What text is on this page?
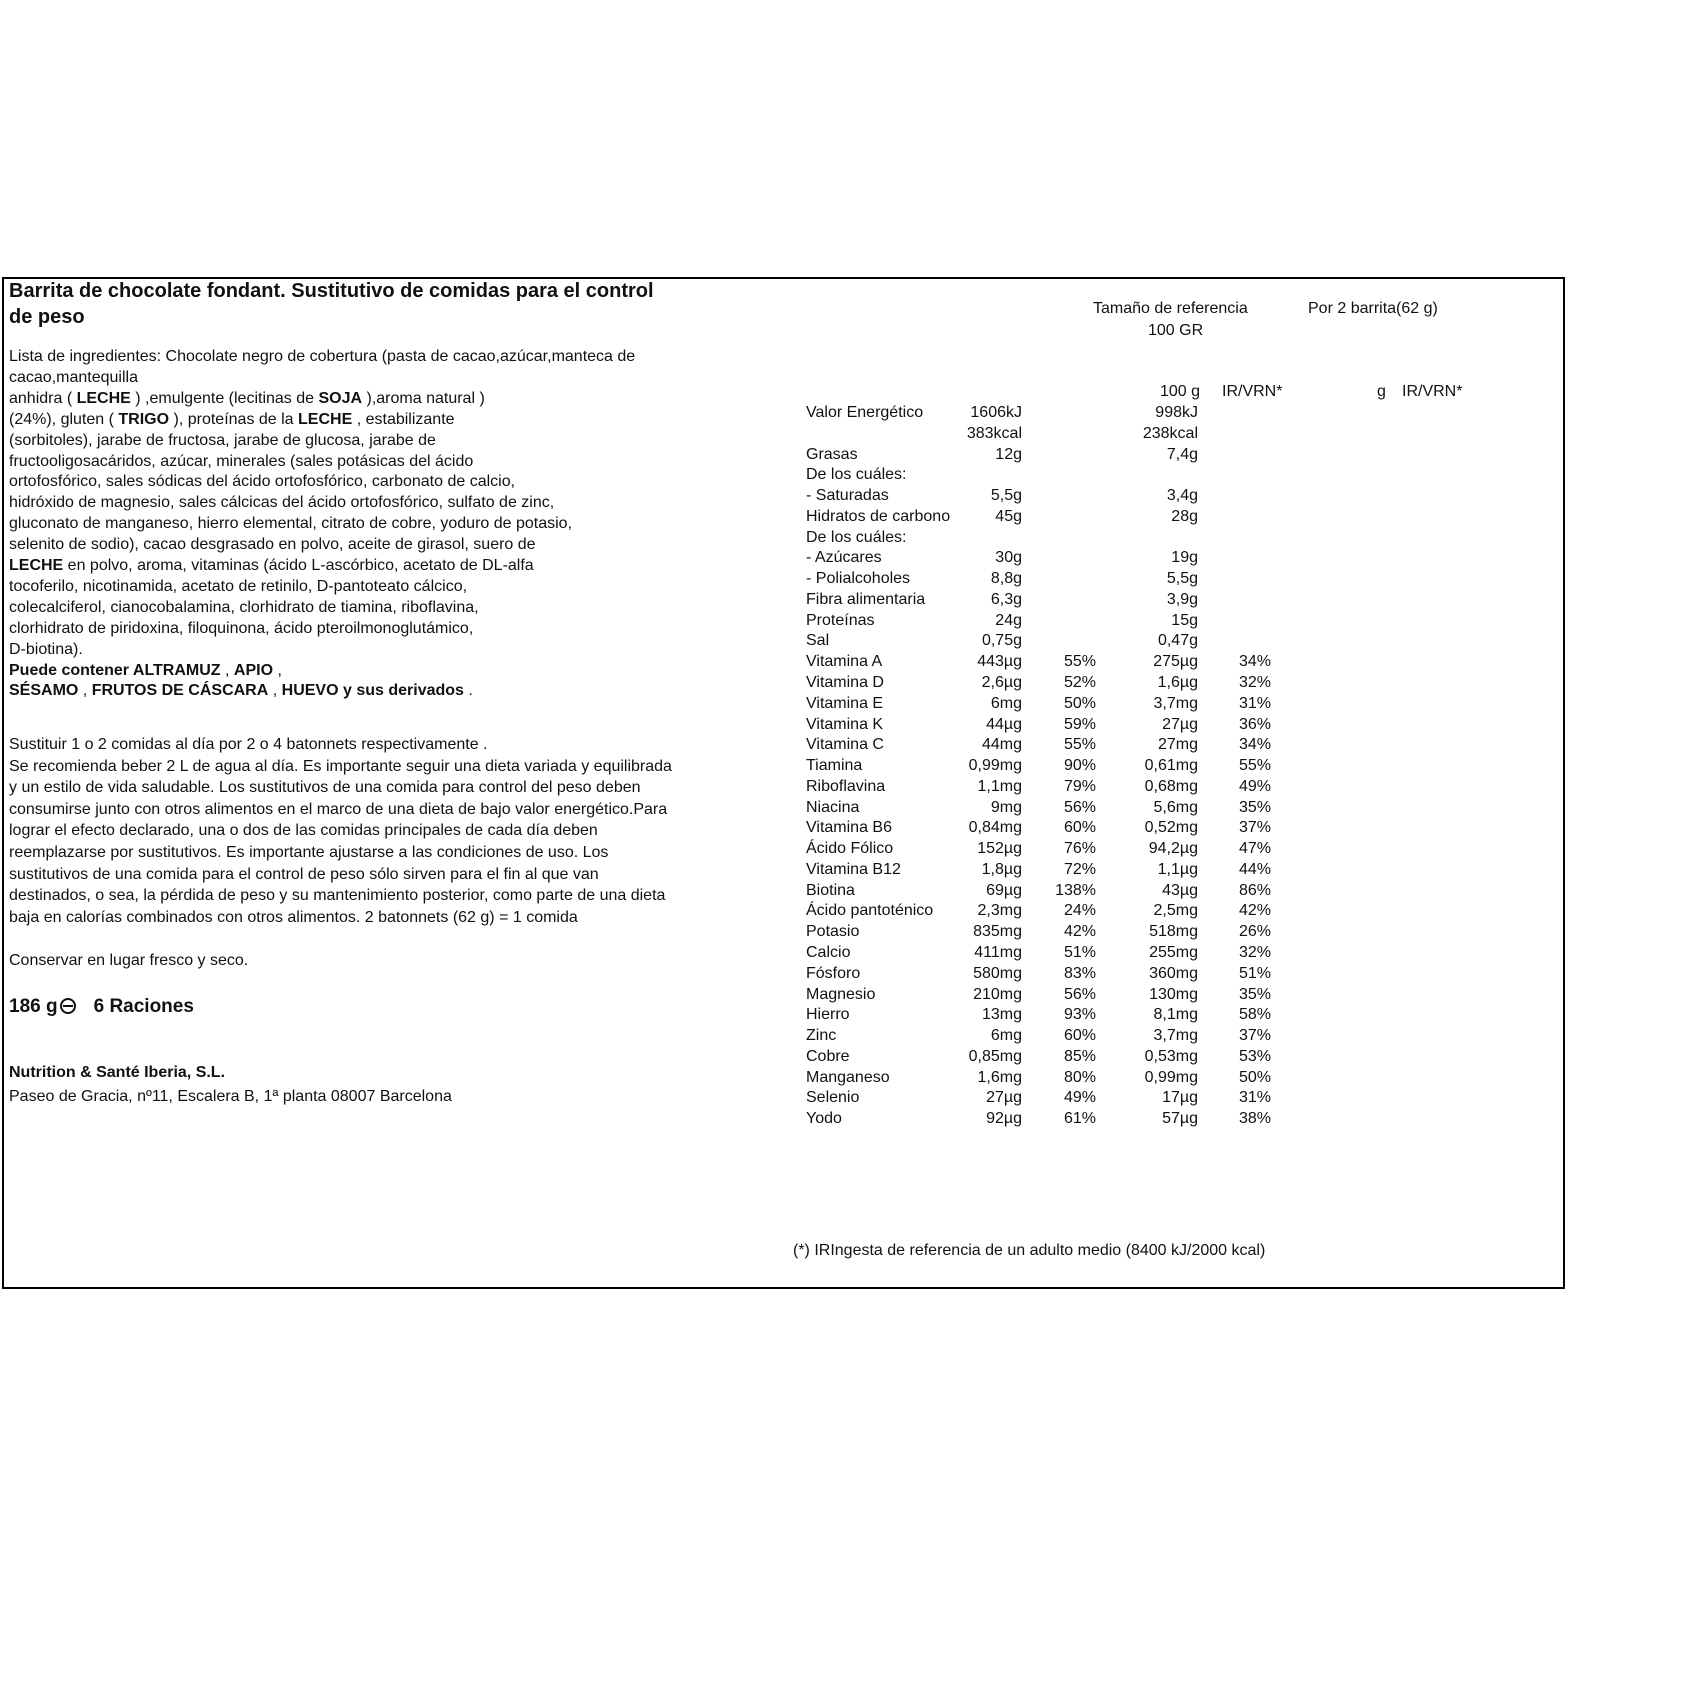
Barrita de chocolate fondant. Sustitutivo de comidas para el control
de peso
Lista de ingredientes: Chocolate negro de cobertura (pasta de cacao,azúcar,manteca de
cacao,mantequilla
anhidra ( LECHE ) ,emulgente (lecitinas de SOJA ),aroma natural )
(24%), gluten ( TRIGO ), proteínas de la LECHE , estabilizante
(sorbitoles), jarabe de fructosa, jarabe de glucosa, jarabe de
fructooligosacáridos, azúcar, minerales (sales potásicas del ácido
ortofosfórico, sales sódicas del ácido ortofosfórico, carbonato de calcio,
hidróxido de magnesio, sales cálcicas del ácido ortofosfórico, sulfato de zinc,
gluconato de manganeso, hierro elemental, citrato de cobre, yoduro de potasio,
selenito de sodio), cacao desgrasado en polvo, aceite de girasol, suero de
LECHE en polvo, aroma, vitaminas (ácido L-ascórbico, acetato de DL-alfa
tocoferilo, nicotinamida, acetato de retinilo, D-pantoteato cálcico,
colecalciferol, cianocobalamina, clorhidrato de tiamina, riboflavina,
clorhidrato de piridoxina, filoquinona, ácido pteroilmonoglutámico,
D-biotina).
Puede contener ALTRAMUZ , APIO ,
SÉSAMO , FRUTOS DE CÁSCARA , HUEVO y sus derivados .
Sustituir 1 o 2 comidas al día por 2 o 4 batonnets respectivamente .
Se recomienda beber 2 L de agua al día. Es importante seguir una dieta variada y equilibrada
y un estilo de vida saludable. Los sustitutivos de una comida para control del peso deben
consumirse junto con otros alimentos en el marco de una dieta de bajo valor energético.Para
lograr el efecto declarado, una o dos de las comidas principales de cada día deben
reemplazarse por sustitutivos. Es importante ajustarse a las condiciones de uso. Los
sustitutivos de una comida para el control de peso sólo sirven para el fin al que van
destinados, o sea, la pérdida de peso y su mantenimiento posterior, como parte de una dieta
baja en calorías combinados con otros alimentos. 2 batonnets (62 g) = 1 comida
Conservar en lugar fresco y seco.
186 g 6 Raciones
Nutrition & Santé Iberia, S.L.
Paseo de Gracia, nº11, Escalera B, 1ª planta 08007 Barcelona
Tamaño de referencia
100 GR
Por 2 barrita(62 g)
100 g IR/VRN*	g IR/VRN*
Valor Energético	1606kJ	998kJ
383kcal	238kcal
Grasas	12g	7,4g
De los cuáles:
- Saturadas	5,5g	3,4g
Hidratos de carbono	45g	28g
De los cuáles:
- Azúcares	30g	19g
- Polialcoholes	8,8g	5,5g
Fibra alimentaria	6,3g	3,9g
Proteínas	24g	15g
Sal	0,75g	0,47g
Vitamina A	443µg	55%	275µg	34%
Vitamina D	2,6µg	52%	1,6µg	32%
Vitamina E	6mg	50%	3,7mg	31%
Vitamina K	44µg	59%	27µg	36%
Vitamina C	44mg	55%	27mg	34%
Tiamina	0,99mg	90%	0,61mg	55%
Riboflavina	1,1mg	79%	0,68mg	49%
Niacina	9mg	56%	5,6mg	35%
Vitamina B6	0,84mg	60%	0,52mg	37%
Ácido Fólico	152µg	76%	94,2µg	47%
Vitamina B12	1,8µg	72%	1,1µg	44%
Biotina	69µg 138%	43µg	86%
Ácido pantoténico	2,3mg	24%	2,5mg	42%
Potasio	835mg	42%	518mg	26%
Calcio	411mg	51%	255mg	32%
Fósforo	580mg	83%	360mg	51%
Magnesio	210mg	56%	130mg	35%
Hierro	13mg	93%	8,1mg	58%
Zinc	6mg	60%	3,7mg	37%
Cobre	0,85mg	85%	0,53mg	53%
Manganeso	1,6mg	80%	0,99mg	50%
Selenio	27µg	49%	17µg	31%
Yodo	92µg	61%	57µg	38%
(*) IRIngesta de referencia de un adulto medio (8400 kJ/2000 kcal)
